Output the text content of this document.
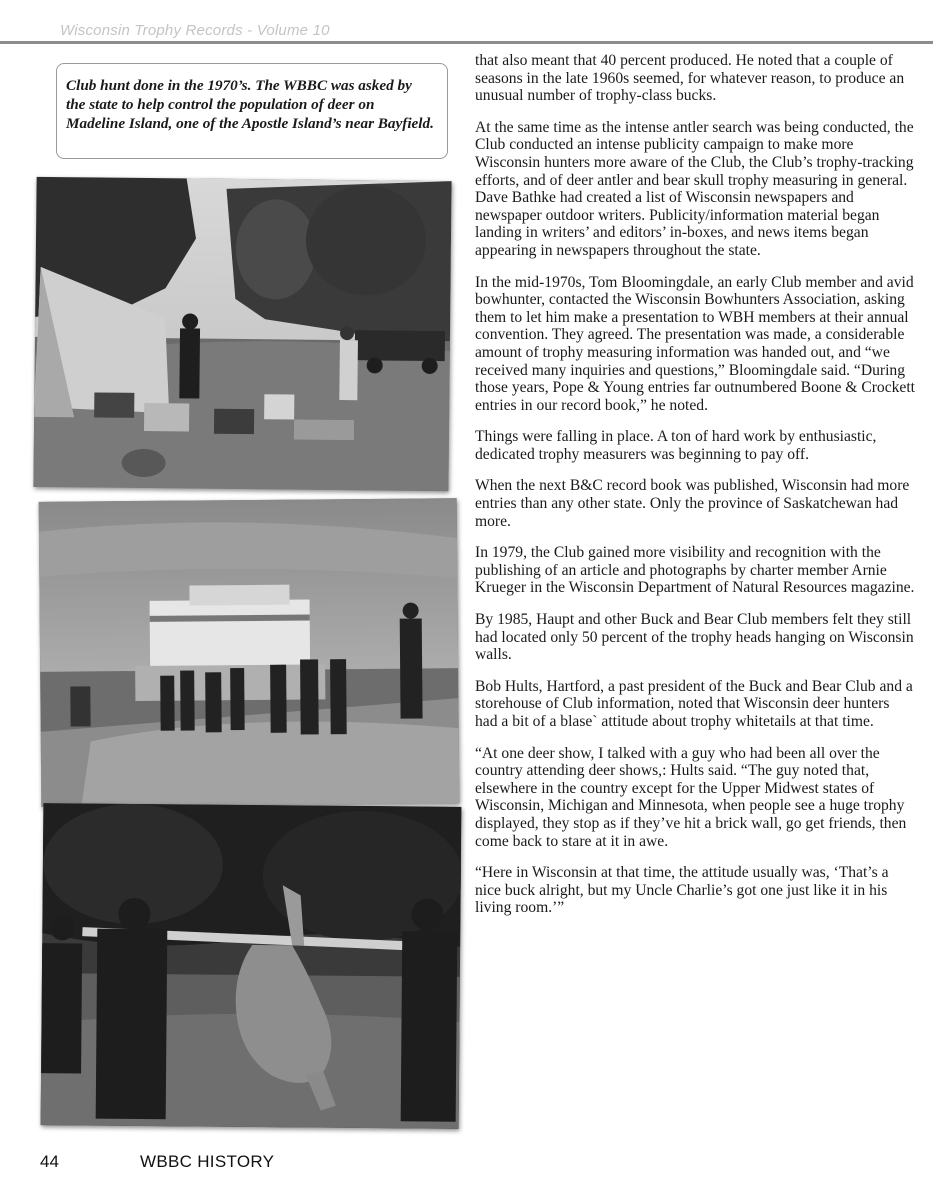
Wisconsin Trophy Records - Volume 10
Club hunt done in the 1970’s. The WBBC was asked by the state to help control the population of deer on Madeline Island, one of the Apostle Island’s near Bayfield.

that also meant that 40 percent produced. He noted that a couple of seasons in the late 1960s seemed, for whatever reason, to produce an unusual number of trophy-class bucks.

At the same time as the intense antler search was being conducted, the Club conducted an intense publicity campaign to make more Wisconsin hunters more aware of the Club, the Club’s trophy-tracking efforts, and of deer antler and bear skull trophy measuring in general. Dave Bathke had created a list of Wisconsin newspapers and newspaper outdoor writers. Publicity/information material began landing in writers’ and editors’ in-boxes, and news items began appearing in newspapers throughout the state.

In the mid-1970s, Tom Bloomingdale, an early Club member and avid bowhunter, contacted the Wisconsin Bowhunters Association, asking them to let him make a presentation to WBH members at their annual convention. They agreed. The presentation was made, a considerable amount of trophy measuring information was handed out, and “we received many inquiries and questions,” Bloomingdale said. “During those years, Pope & Young entries far outnumbered Boone & Crockett entries in our record book,” he noted.

Things were falling in place. A ton of hard work by enthusiastic, dedicated trophy measurers was beginning to pay off.

When the next B&C record book was published, Wisconsin had more entries than any other state. Only the province of Saskatchewan had more.

In 1979, the Club gained more visibility and recognition with the publishing of an article and photographs by charter member Arnie Krueger in the Wisconsin Department of Natural Resources magazine.

By 1985, Haupt and other Buck and Bear Club members felt they still had located only 50 percent of the trophy heads hanging on Wisconsin walls.

Bob Hults, Hartford, a past president of the Buck and Bear Club and a storehouse of Club information, noted that Wisconsin deer hunters had a bit of a blase` attitude about trophy whitetails at that time.

“At one deer show, I talked with a guy who had been all over the country attending deer shows,: Hults said. “The guy noted that, elsewhere in the country except for the Upper Midwest states of Wisconsin, Michigan and Minnesota, when people see a huge trophy displayed, they stop as if they’ve hit a brick wall, go get friends, then come back to stare at it in awe.

“Here in Wisconsin at that time, the attitude usually was, ‘That’s a nice buck alright, but my Uncle Charlie’s got one just like it in his living room.’”

44	WBBC HISTORY
